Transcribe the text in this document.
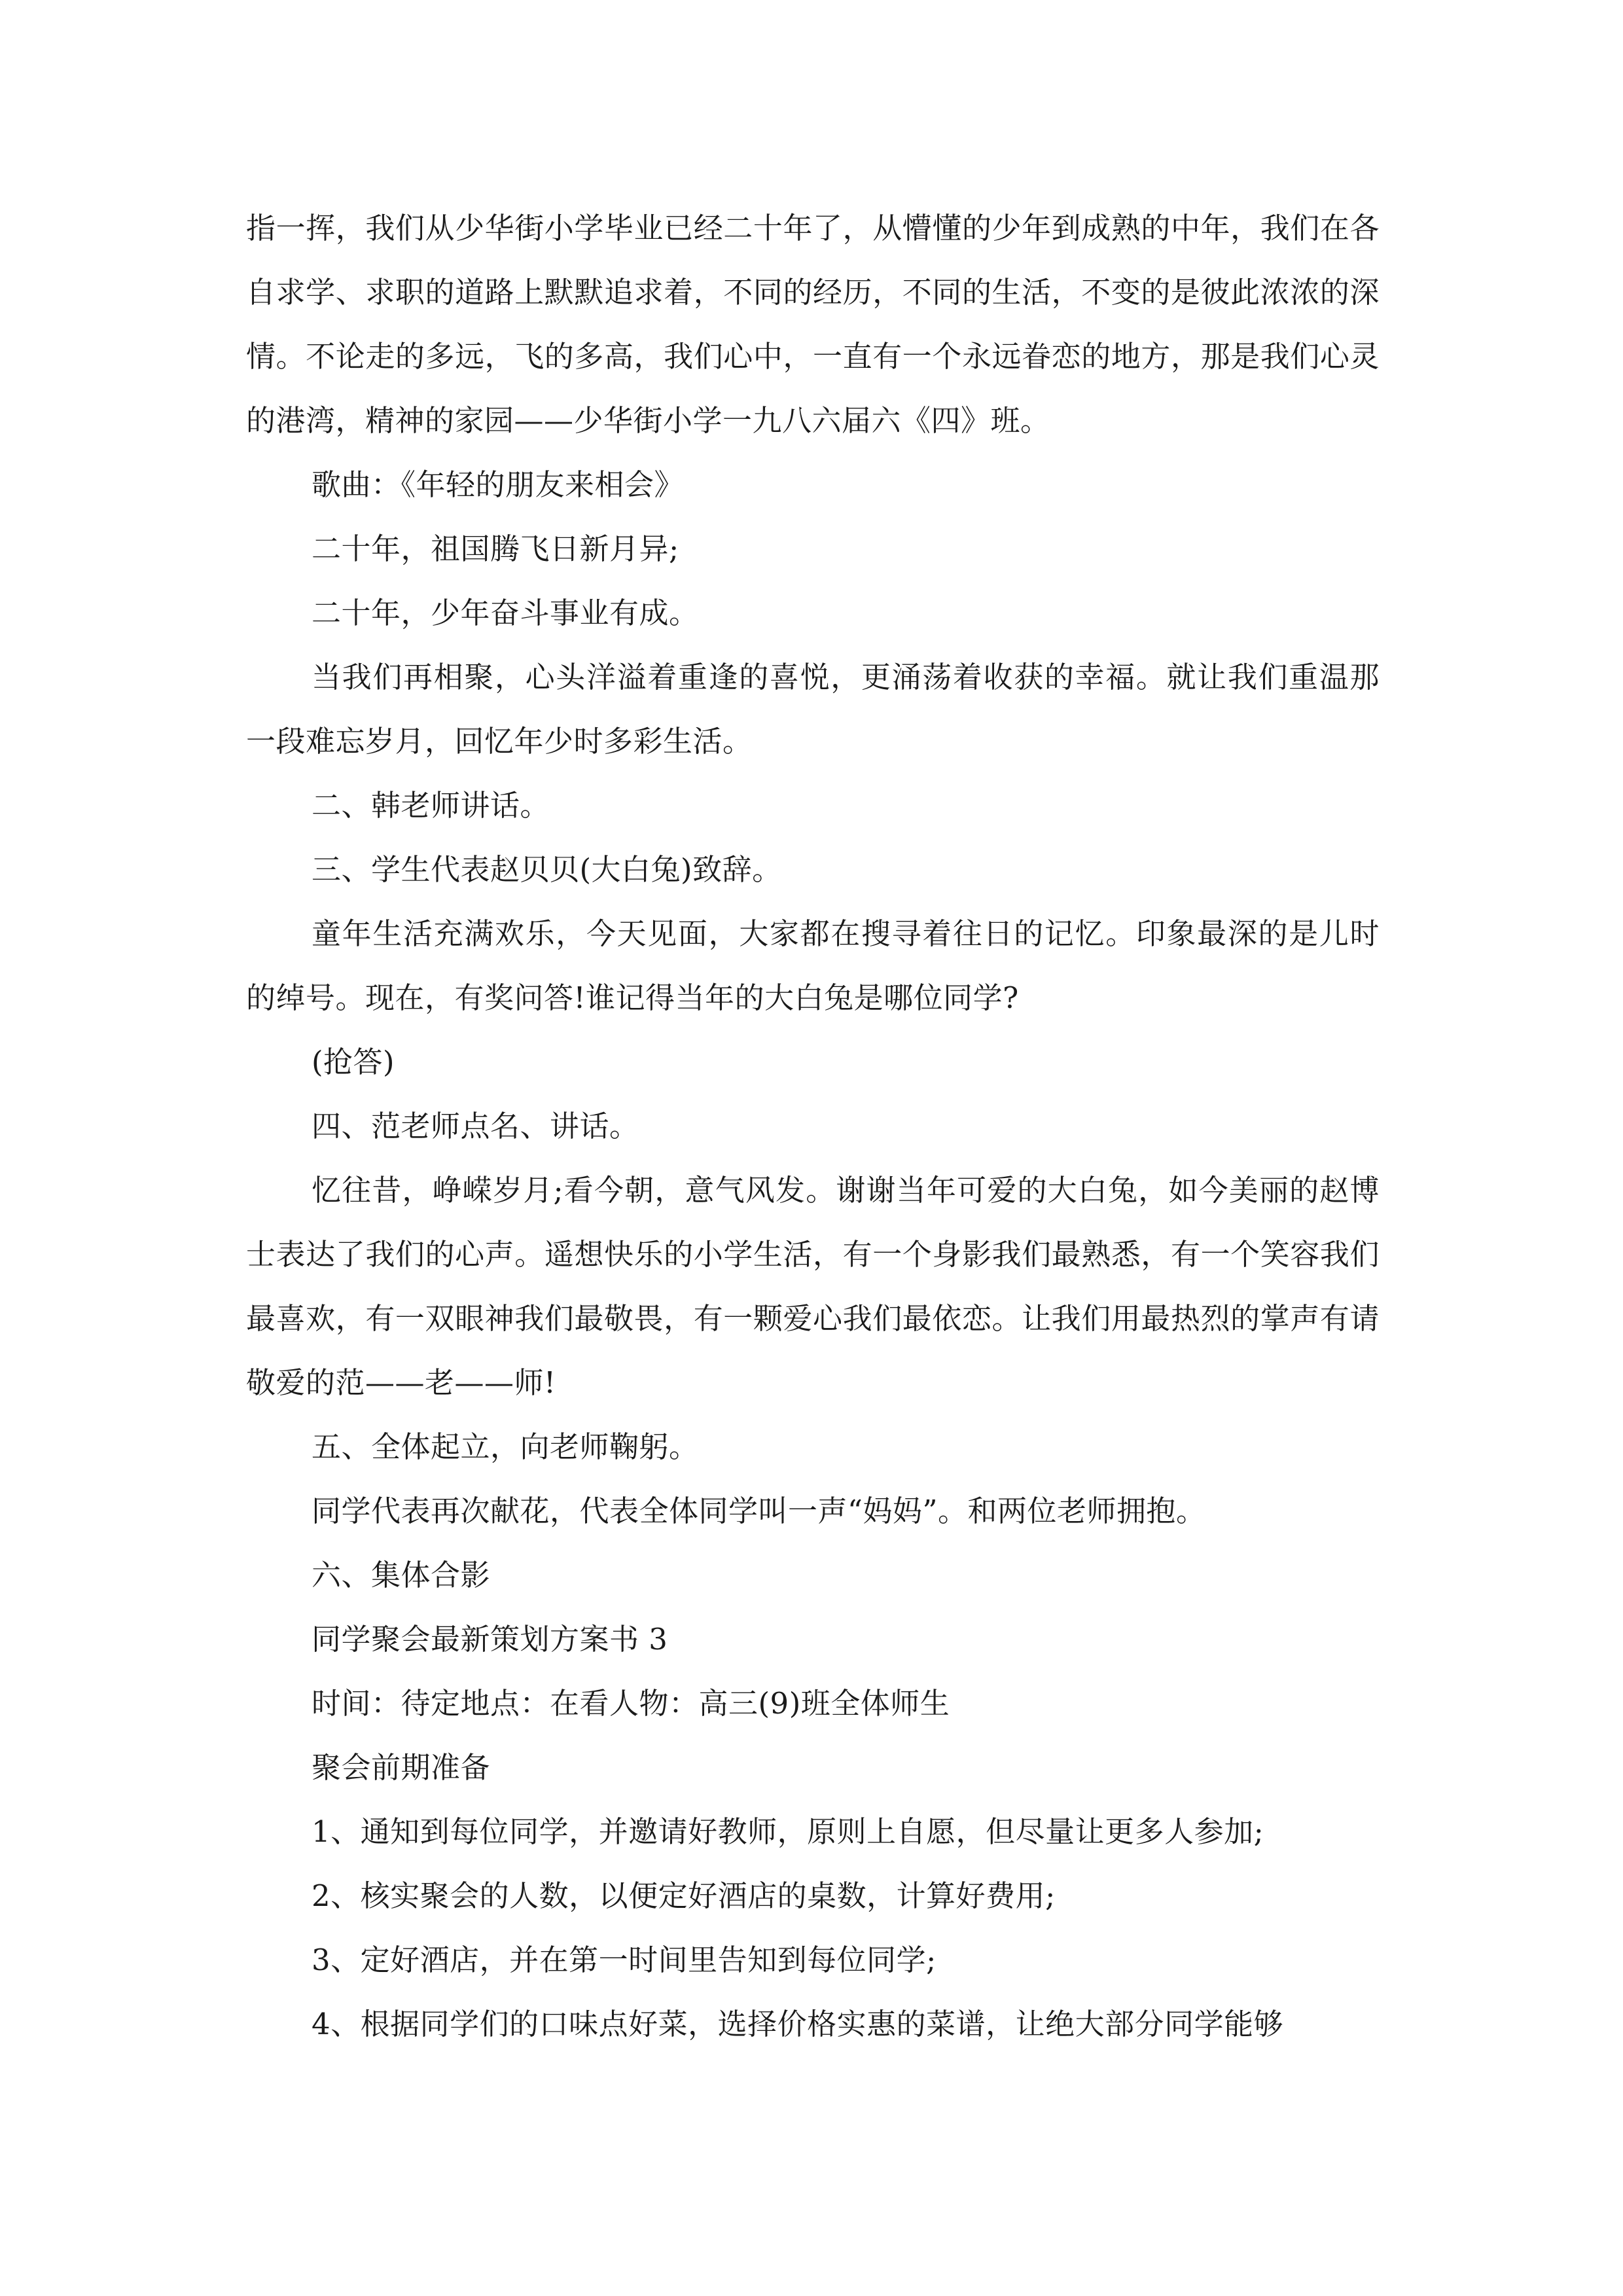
指一挥，我们从少华街小学毕业已经二十年了，从懵懂的少年到成熟的中年，我们在各自求学、求职的道路上默默追求着，不同的经历，不同的生活，不变的是彼此浓浓的深情。不论走的多远，飞的多高，我们心中，一直有一个永远眷恋的地方，那是我们心灵的港湾，精神的家园——少华街小学一九八六届六《四》班。

歌曲：《年轻的朋友来相会》

二十年，祖国腾飞日新月异;

二十年，少年奋斗事业有成。

当我们再相聚，心头洋溢着重逢的喜悦，更涌荡着收获的幸福。就让我们重温那一段难忘岁月，回忆年少时多彩生活。

二、韩老师讲话。

三、学生代表赵贝贝(大白兔)致辞。

童年生活充满欢乐，今天见面，大家都在搜寻着往日的记忆。印象最深的是儿时的绰号。现在，有奖问答!谁记得当年的大白兔是哪位同学?

(抢答)

四、范老师点名、讲话。

忆往昔，峥嵘岁月;看今朝，意气风发。谢谢当年可爱的大白兔，如今美丽的赵博士表达了我们的心声。遥想快乐的小学生活，有一个身影我们最熟悉，有一个笑容我们最喜欢，有一双眼神我们最敬畏，有一颗爱心我们最依恋。让我们用最热烈的掌声有请敬爱的范——老——师!

五、全体起立，向老师鞠躬。

同学代表再次献花，代表全体同学叫一声“妈妈”。和两位老师拥抱。

六、集体合影

同学聚会最新策划方案书 3

时间：待定地点：在看人物：高三(9)班全体师生

聚会前期准备

1、通知到每位同学，并邀请好教师，原则上自愿，但尽量让更多人参加;

2、核实聚会的人数，以便定好酒店的桌数，计算好费用;

3、定好酒店，并在第一时间里告知到每位同学;

4、根据同学们的口味点好菜，选择价格实惠的菜谱，让绝大部分同学能够
